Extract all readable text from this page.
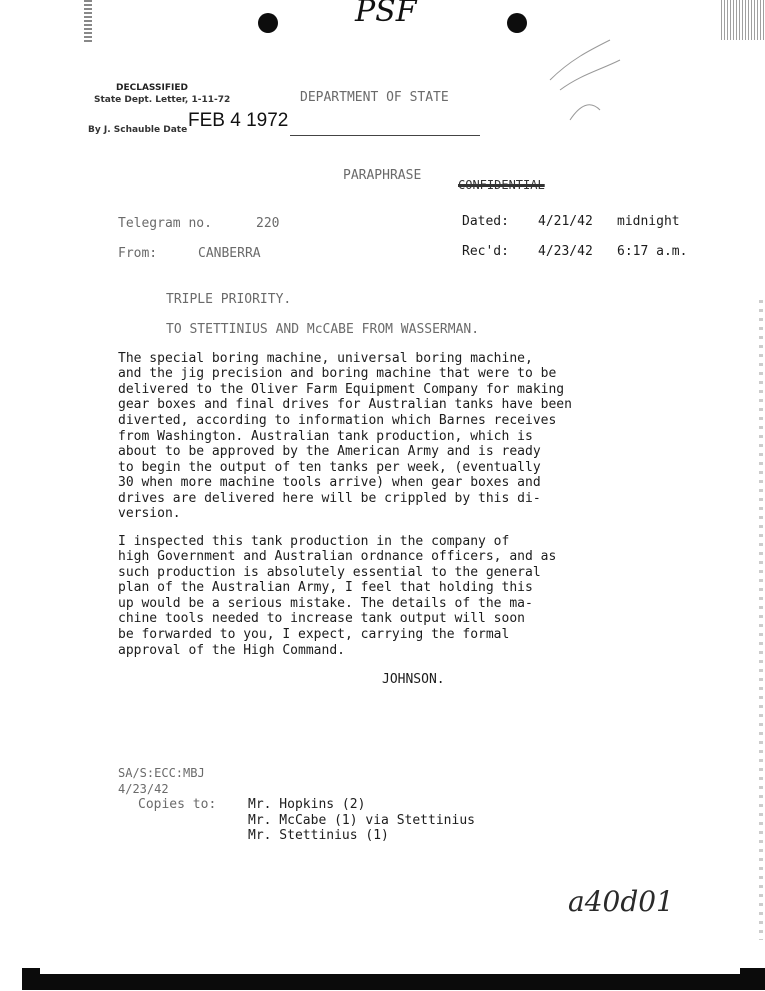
PSF
DECLASSIFIED
State Dept. Letter, 1-11-72
By J. Schauble Date FEB 4 1972
DEPARTMENT OF STATE
PARAPHRASE
CONFIDENTIAL
Telegram no.	220	Dated: 4/21/42 midnight
From:	CANBERRA	Rec'd: 4/23/42 6:17 a.m.
TRIPLE PRIORITY.
TO STETTINIUS AND McCABE FROM WASSERMAN.
The special boring machine, universal boring machine,
and the jig precision and boring machine that were to be
delivered to the Oliver Farm Equipment Company for making
gear boxes and final drives for Australian tanks have been
diverted, according to information which Barnes receives
from Washington. Australian tank production, which is
about to be approved by the American Army and is ready
to begin the output of ten tanks per week, (eventually
30 when more machine tools arrive) when gear boxes and
drives are delivered here will be crippled by this di-
version.
I inspected this tank production in the company of
high Government and Australian ordnance officers, and as
such production is absolutely essential to the general
plan of the Australian Army, I feel that holding this
up would be a serious mistake. The details of the ma-
chine tools needed to increase tank output will soon
be forwarded to you, I expect, carrying the formal
approval of the High Command.
JOHNSON.
SA/S:ECC:MBJ
4/23/42
Copies to: Mr. Hopkins (2)
Mr. McCabe (1) via Stettinius
Mr. Stettinius (1)
a40d01
